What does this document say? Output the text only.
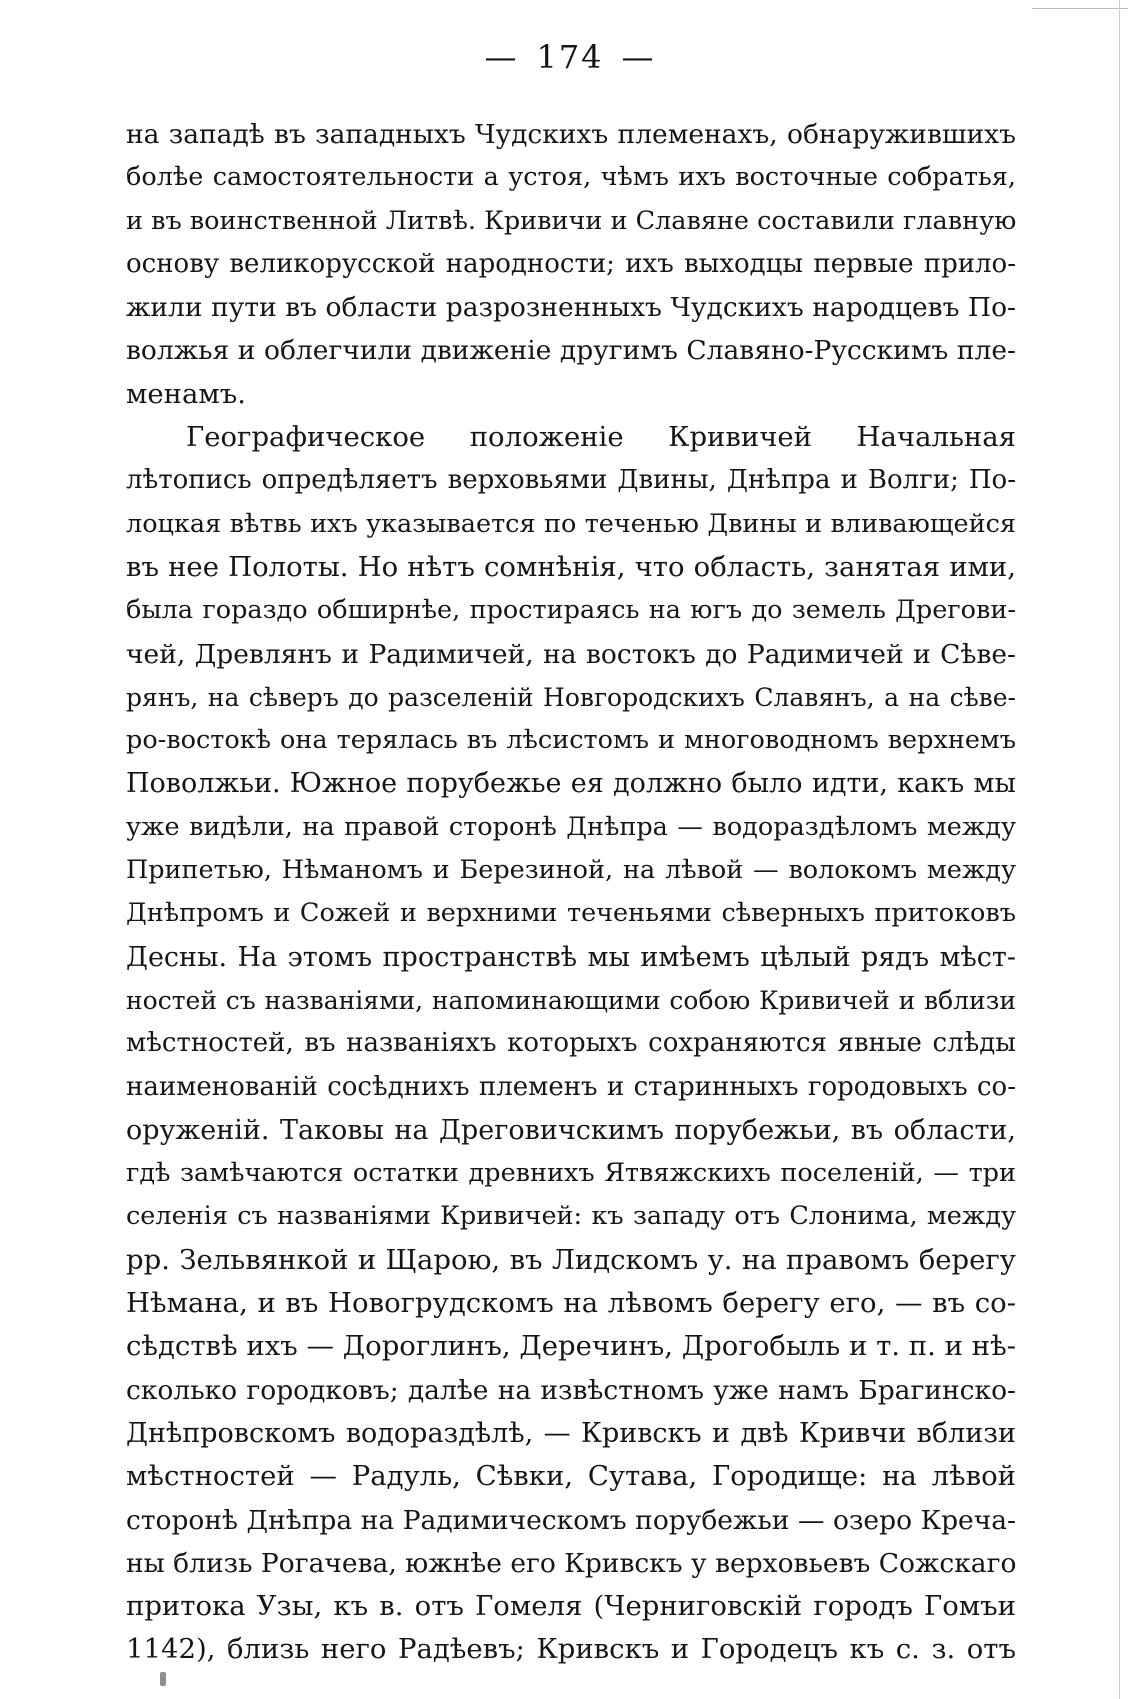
— 174 —
на западѣ въ западныхъ Чудскихъ племенахъ, обнаружившихъ
болѣе самостоятельности а устоя, чѣмъ ихъ восточные собратья,
и въ воинственной Литвѣ. Кривичи и Славяне составили главную
основу великорусской народности; ихъ выходцы первые прило-
жили пути въ области разрозненныхъ Чудскихъ народцевъ По-
волжья и облегчили движеніе другимъ Славяно-Русскимъ пле-
менамъ.
Географическое положеніе Кривичей Начальная
лѣтопись опредѣляетъ верховьями Двины, Днѣпра и Волги; По-
лоцкая вѣтвь ихъ указывается по теченью Двины и вливающейся
въ нее Полоты. Но нѣтъ сомнѣнія, что область, занятая ими,
была гораздо обширнѣе, простираясь на югъ до земель Дрегови-
чей, Древлянъ и Радимичей, на востокъ до Радимичей и Сѣве-
рянъ, на сѣверъ до разселеній Новгородскихъ Славянъ, а на сѣве-
ро-востокѣ она терялась въ лѣсистомъ и многоводномъ верхнемъ
Поволжьи. Южное порубежье ея должно было идти, какъ мы
уже видѣли, на правой сторонѣ Днѣпра — водораздѣломъ между
Припетью, Нѣманомъ и Березиной, на лѣвой — волокомъ между
Днѣпромъ и Сожей и верхними теченьями сѣверныхъ притоковъ
Десны. На этомъ пространствѣ мы имѣемъ цѣлый рядъ мѣст-
ностей съ названіями, напоминающими собою Кривичей и вблизи
мѣстностей, въ названіяхъ которыхъ сохраняются явные слѣды
наименованій сосѣднихъ племенъ и старинныхъ городовыхъ со-
оруженій. Таковы на Дреговичскимъ порубежьи, въ области,
гдѣ замѣчаются остатки древнихъ Ятвяжскихъ поселеній, — три
селенія съ названіями Кривичей: къ западу отъ Слонима, между
рр. Зельвянкой и Щарою, въ Лидскомъ у. на правомъ берегу
Нѣмана, и въ Новогрудскомъ на лѣвомъ берегу его, — въ со-
сѣдствѣ ихъ — Дороглинъ, Деречинъ, Дрогобыль и т. п. и нѣ-
сколько городковъ; далѣе на извѣстномъ уже намъ Брагинско-
Днѣпровскомъ водораздѣлѣ, — Кривскъ и двѣ Кривчи вблизи
мѣстностей — Радуль, Сѣвки, Сутава, Городище: на лѣвой
сторонѣ Днѣпра на Радимическомъ порубежьи — озеро Креча-
ны близь Рогачева, южнѣе его Кривскъ у верховьевъ Сожскаго
притока Узы, къ в. отъ Гомеля (Черниговскій городъ Гомъи
1142), близь него Радѣевъ; Кривскъ и Городецъ къ с. з. отъ
